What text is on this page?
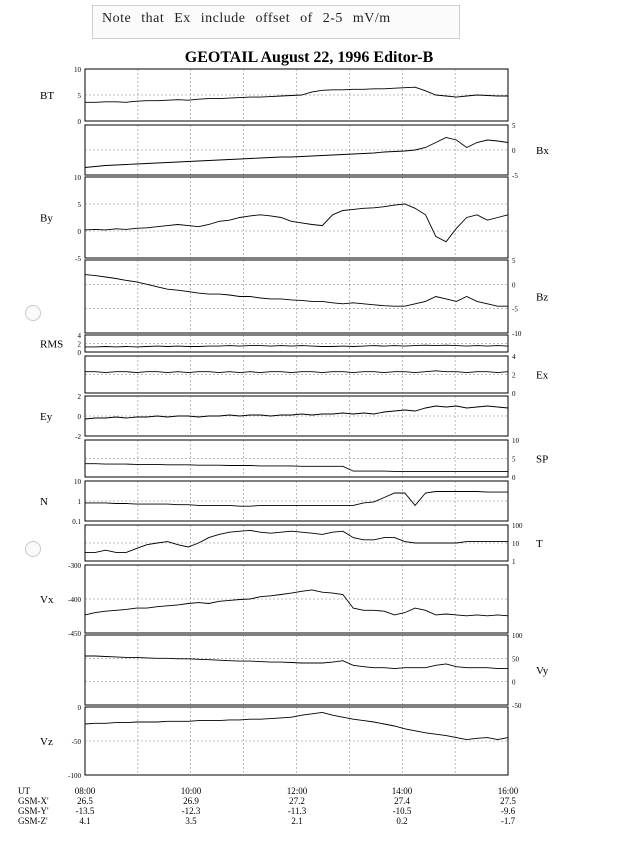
Note that Ex include offset of 2-5 mV/m
GEOTAIL August 22, 1996 Editor-B
10
5
0
BT
5
0
-5
Bx
10
5
0
-5
By
5
0
-5
-10
Bz
4
2
0
RMS
4
2
0
Ex
2
0
-2
Ey
10
5
0
SP
10
1
0.1
N
100
10
1
T
-300
-400
-450
Vx
100
50
0
-50
Vy
0
-50
-100
Vz
UT
GSM-X'
GSM-Y'
GSM-Z'
08:00
26.5
-13.5
4.1
10:00
26.9
-12.3
3.5
12:00
27.2
-11.3
2.1
14:00
27.4
-10.5
0.2
16:00
27.5
-9.6
-1.7
